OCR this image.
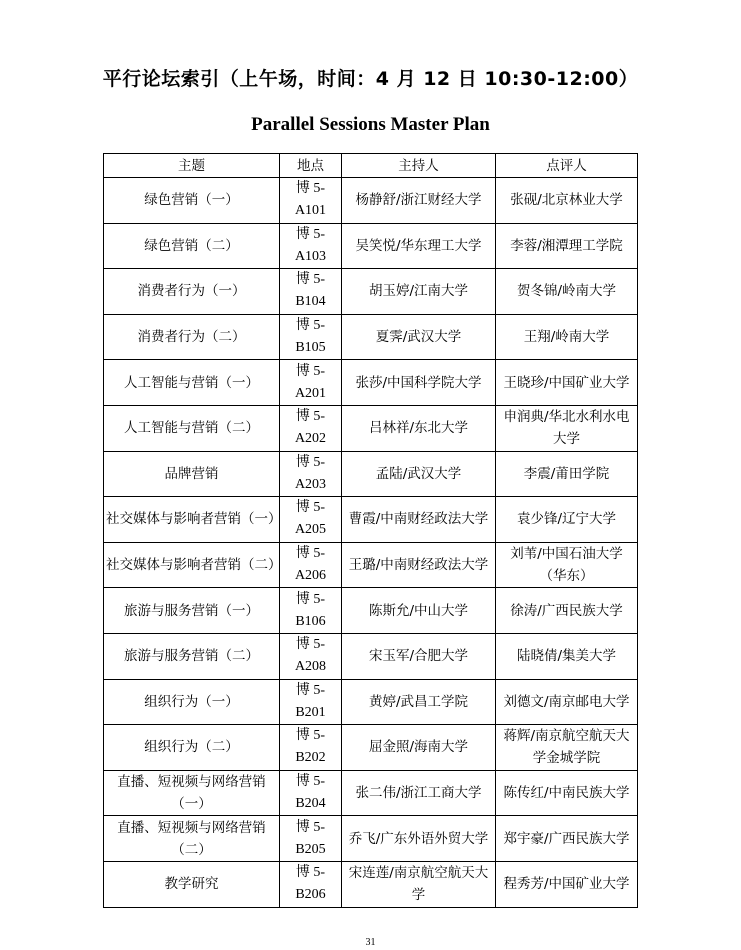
平行论坛索引（上午场，时间：4 月 12 日 10:30-12:00）
Parallel Sessions Master Plan
主题	地点	主持人	点评人
绿色营销（一）	博 5-A101	杨静舒/浙江财经大学	张砚/北京林业大学
绿色营销（二）	博 5-A103	吴笑悦/华东理工大学	李蓉/湘潭理工学院
消费者行为（一）	博 5-B104	胡玉婷/江南大学	贺冬锦/岭南大学
消费者行为（二）	博 5-B105	夏霁/武汉大学	王翔/岭南大学
人工智能与营销（一）	博 5-A201	张莎/中国科学院大学	王晓珍/中国矿业大学
人工智能与营销（二）	博 5-A202	吕林祥/东北大学	申润典/华北水利水电大学
品牌营销	博 5-A203	孟陆/武汉大学	李震/莆田学院
社交媒体与影响者营销（一）	博 5-A205	曹霞/中南财经政法大学	袁少锋/辽宁大学
社交媒体与影响者营销（二）	博 5-A206	王璐/中南财经政法大学	刘苇/中国石油大学（华东）
旅游与服务营销（一）	博 5-B106	陈斯允/中山大学	徐涛/广西民族大学
旅游与服务营销（二）	博 5-A208	宋玉军/合肥大学	陆晓倩/集美大学
组织行为（一）	博 5-B201	黄婷/武昌工学院	刘德文/南京邮电大学
组织行为（二）	博 5-B202	屈金照/海南大学	蒋辉/南京航空航天大学金城学院
直播、短视频与网络营销（一）	博 5-B204	张二伟/浙江工商大学	陈传红/中南民族大学
直播、短视频与网络营销（二）	博 5-B205	乔飞/广东外语外贸大学	郑宇豪/广西民族大学
教学研究	博 5-B206	宋连莲/南京航空航天大学	程秀芳/中国矿业大学
31
